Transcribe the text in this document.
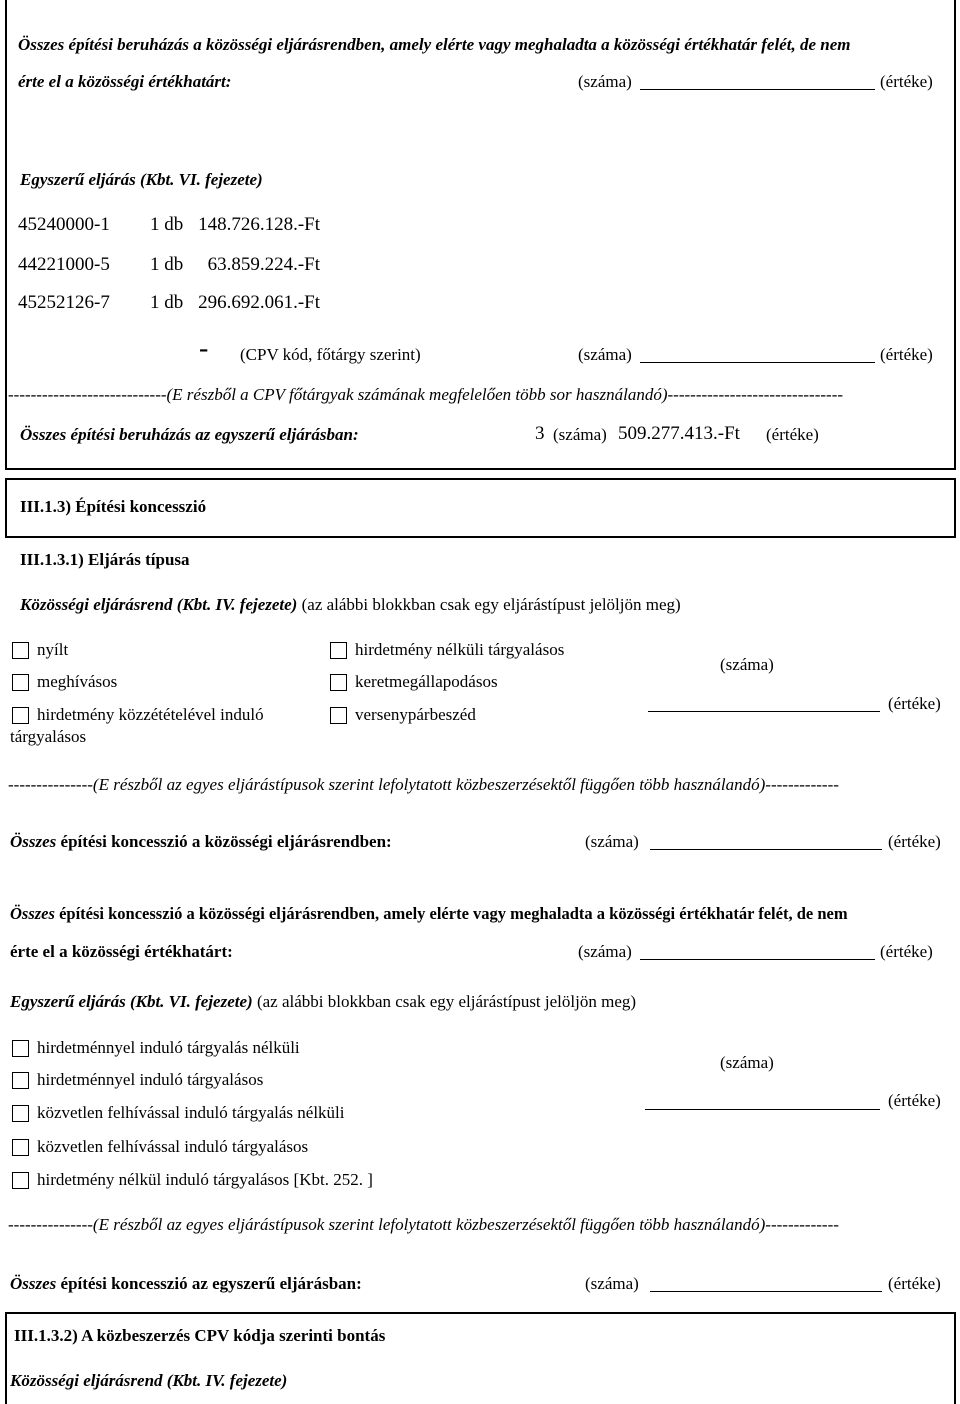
Összes építési beruházás a közösségi eljárásrendben, amely elérte vagy meghaladta a közösségi értékhatár felét, de nem
érte el a közösségi értékhatárt:	(száma)	(értéke)
Egyszerű eljárás (Kbt. VI. fejezete)
45240000-1 1 db 148.726.128.-Ft
44221000-5 1 db	63.859.224.-Ft
45252126-7 1 db 296.692.061.-Ft
- (CPV kód, főtárgy szerint)	(száma)	(értéke)
----------------------------(E részből a CPV főtárgyak számának megfelelően több sor használandó)-------------------------------
Összes építési beruházás az egyszerű eljárásban:	3 (száma) 509.277.413.-Ft (értéke)
III.1.3) Építési koncesszió
III.1.3.1) Eljárás típusa
Közösségi eljárásrend (Kbt. IV. fejezete) (az alábbi blokkban csak egy eljárástípust jelöljön meg)
nyílt
meghívásos
hirdetmény közzétételével induló tárgyalásos
hirdetmény nélküli tárgyalásos
keretmegállapodásos
versenypárbeszéd
(száma)
(értéke)
---------------(E részből az egyes eljárástípusok szerint lefolytatott közbeszerzésektől függően több használandó)-------------
Összes építési koncesszió a közösségi eljárásrendben:	(száma)	(értéke)
Összes építési koncesszió a közösségi eljárásrendben, amely elérte vagy meghaladta a közösségi értékhatár felét, de nem
érte el a közösségi értékhatárt:	(száma)	(értéke)
Egyszerű eljárás (Kbt. VI. fejezete) (az alábbi blokkban csak egy eljárástípust jelöljön meg)
hirdetménnyel induló tárgyalás nélküli
hirdetménnyel induló tárgyalásos
közvetlen felhívással induló tárgyalás nélküli
közvetlen felhívással induló tárgyalásos
hirdetmény nélkül induló tárgyalásos [Kbt. 252. ]
(száma)
(értéke)
---------------(E részből az egyes eljárástípusok szerint lefolytatott közbeszerzésektől függően több használandó)-------------
Összes építési koncesszió az egyszerű eljárásban:	(száma)	(értéke)
III.1.3.2) A közbeszerzés CPV kódja szerinti bontás
Közösségi eljárásrend (Kbt. IV. fejezete)
